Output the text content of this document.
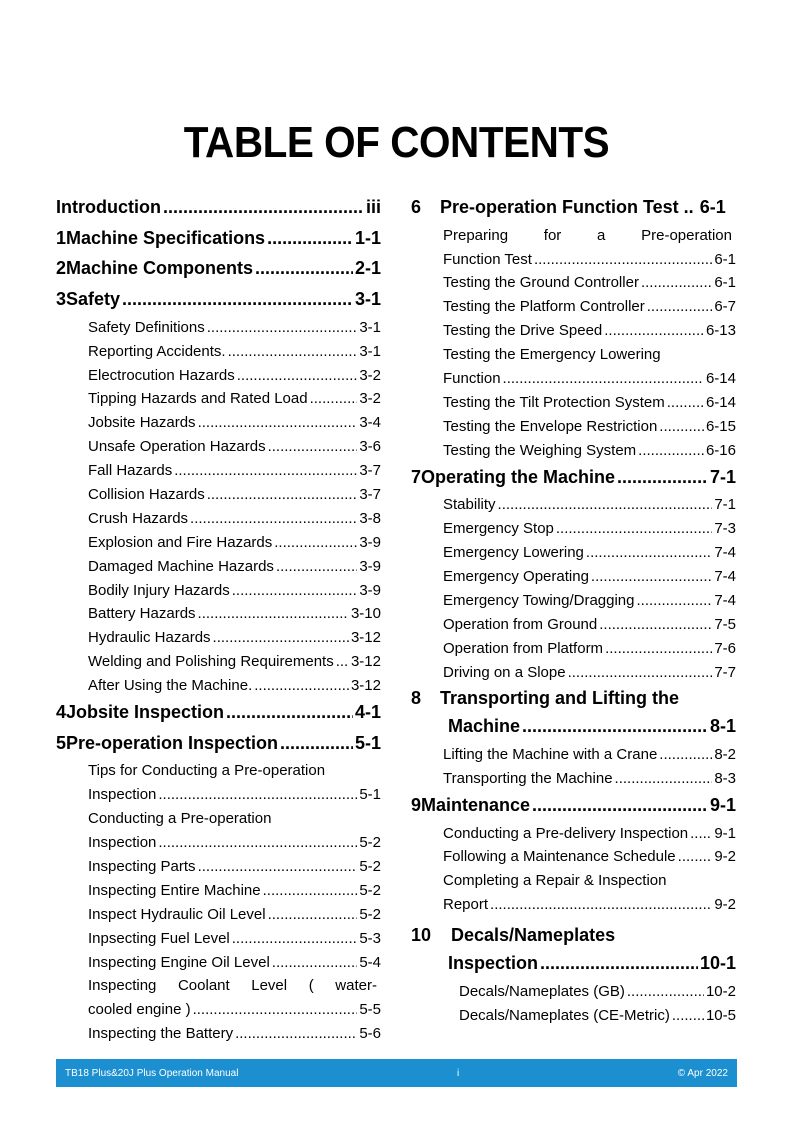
TABLE OF CONTENTS
Introduction .....	iii
1 Machine Specifications .....	1-1
2 Machine Components .....	2-1
3 Safety .....	3-1
Safety Definitions .....	3-1
Reporting Accidents. .....	3-1
Electrocution Hazards .....	3-2
Tipping Hazards and Rated Load .....	3-2
Jobsite Hazards .....	3-4
Unsafe Operation Hazards .....	3-6
Fall Hazards .....	3-7
Collision Hazards .....	3-7
Crush Hazards .....	3-8
Explosion and Fire Hazards .....	3-9
Damaged Machine Hazards .....	3-9
Bodily Injury Hazards .....	3-9
Battery Hazards .....	3-10
Hydraulic Hazards .....	3-12
Welding and Polishing Requirements ..... 3-12
After Using the Machine. .....	3-12
4 Jobsite Inspection .....	4-1
5 Pre-operation Inspection .....	5-1
Tips for Conducting a Pre-operation
Inspection .....	5-1
Conducting a Pre-operation
Inspection .....	5-2
Inspecting Parts .....	5-2
Inspecting Entire Machine .....	5-2
Inspect Hydraulic Oil Level .....	5-2
Inpsecting Fuel Level .....	5-3
Inspecting Engine Oil Level .....	5-4
Inspecting Coolant Level ( water-
cooled engine ) .....	5-5
Inspecting the Battery .....	5-6
6	Pre-operation Function Test .. 6-1
Preparing for a Pre-operation
Function Test .....	6-1
Testing the Ground Controller .....	6-1
Testing the Platform Controller .....	6-7
Testing the Drive Speed .....	6-13
Testing the Emergency Lowering
Function .....	6-14
Testing the Tilt Protection System .....	6-14
Testing the Envelope Restriction .....	6-15
Testing the Weighing System .....	6-16
7 Operating the Machine .....	7-1
Stability .....	7-1
Emergency Stop .....	7-3
Emergency Lowering .....	7-4
Emergency Operating .....	7-4
Emergency Towing/Dragging .....	7-4
Operation from Ground .....	7-5
Operation from Platform .....	7-6
Driving on a Slope .....	7-7
8 Transporting and Lifting the
Machine .....	8-1
Lifting the Machine with a Crane .....	8-2
Transporting the Machine .....	8-3
9 Maintenance .....	9-1
Conducting a Pre-delivery Inspection ..... 9-1
Following a Maintenance Schedule .....	9-2
Completing a Repair & Inspection
Report .....	9-2
10 Decals/Nameplates
Inspection .....	10-1
Decals/Nameplates (GB) .....	10-2
Decals/Nameplates (CE-Metric) ..... 10-5
TB18 Plus&20J Plus Operation Manual	i	© Apr 2022
